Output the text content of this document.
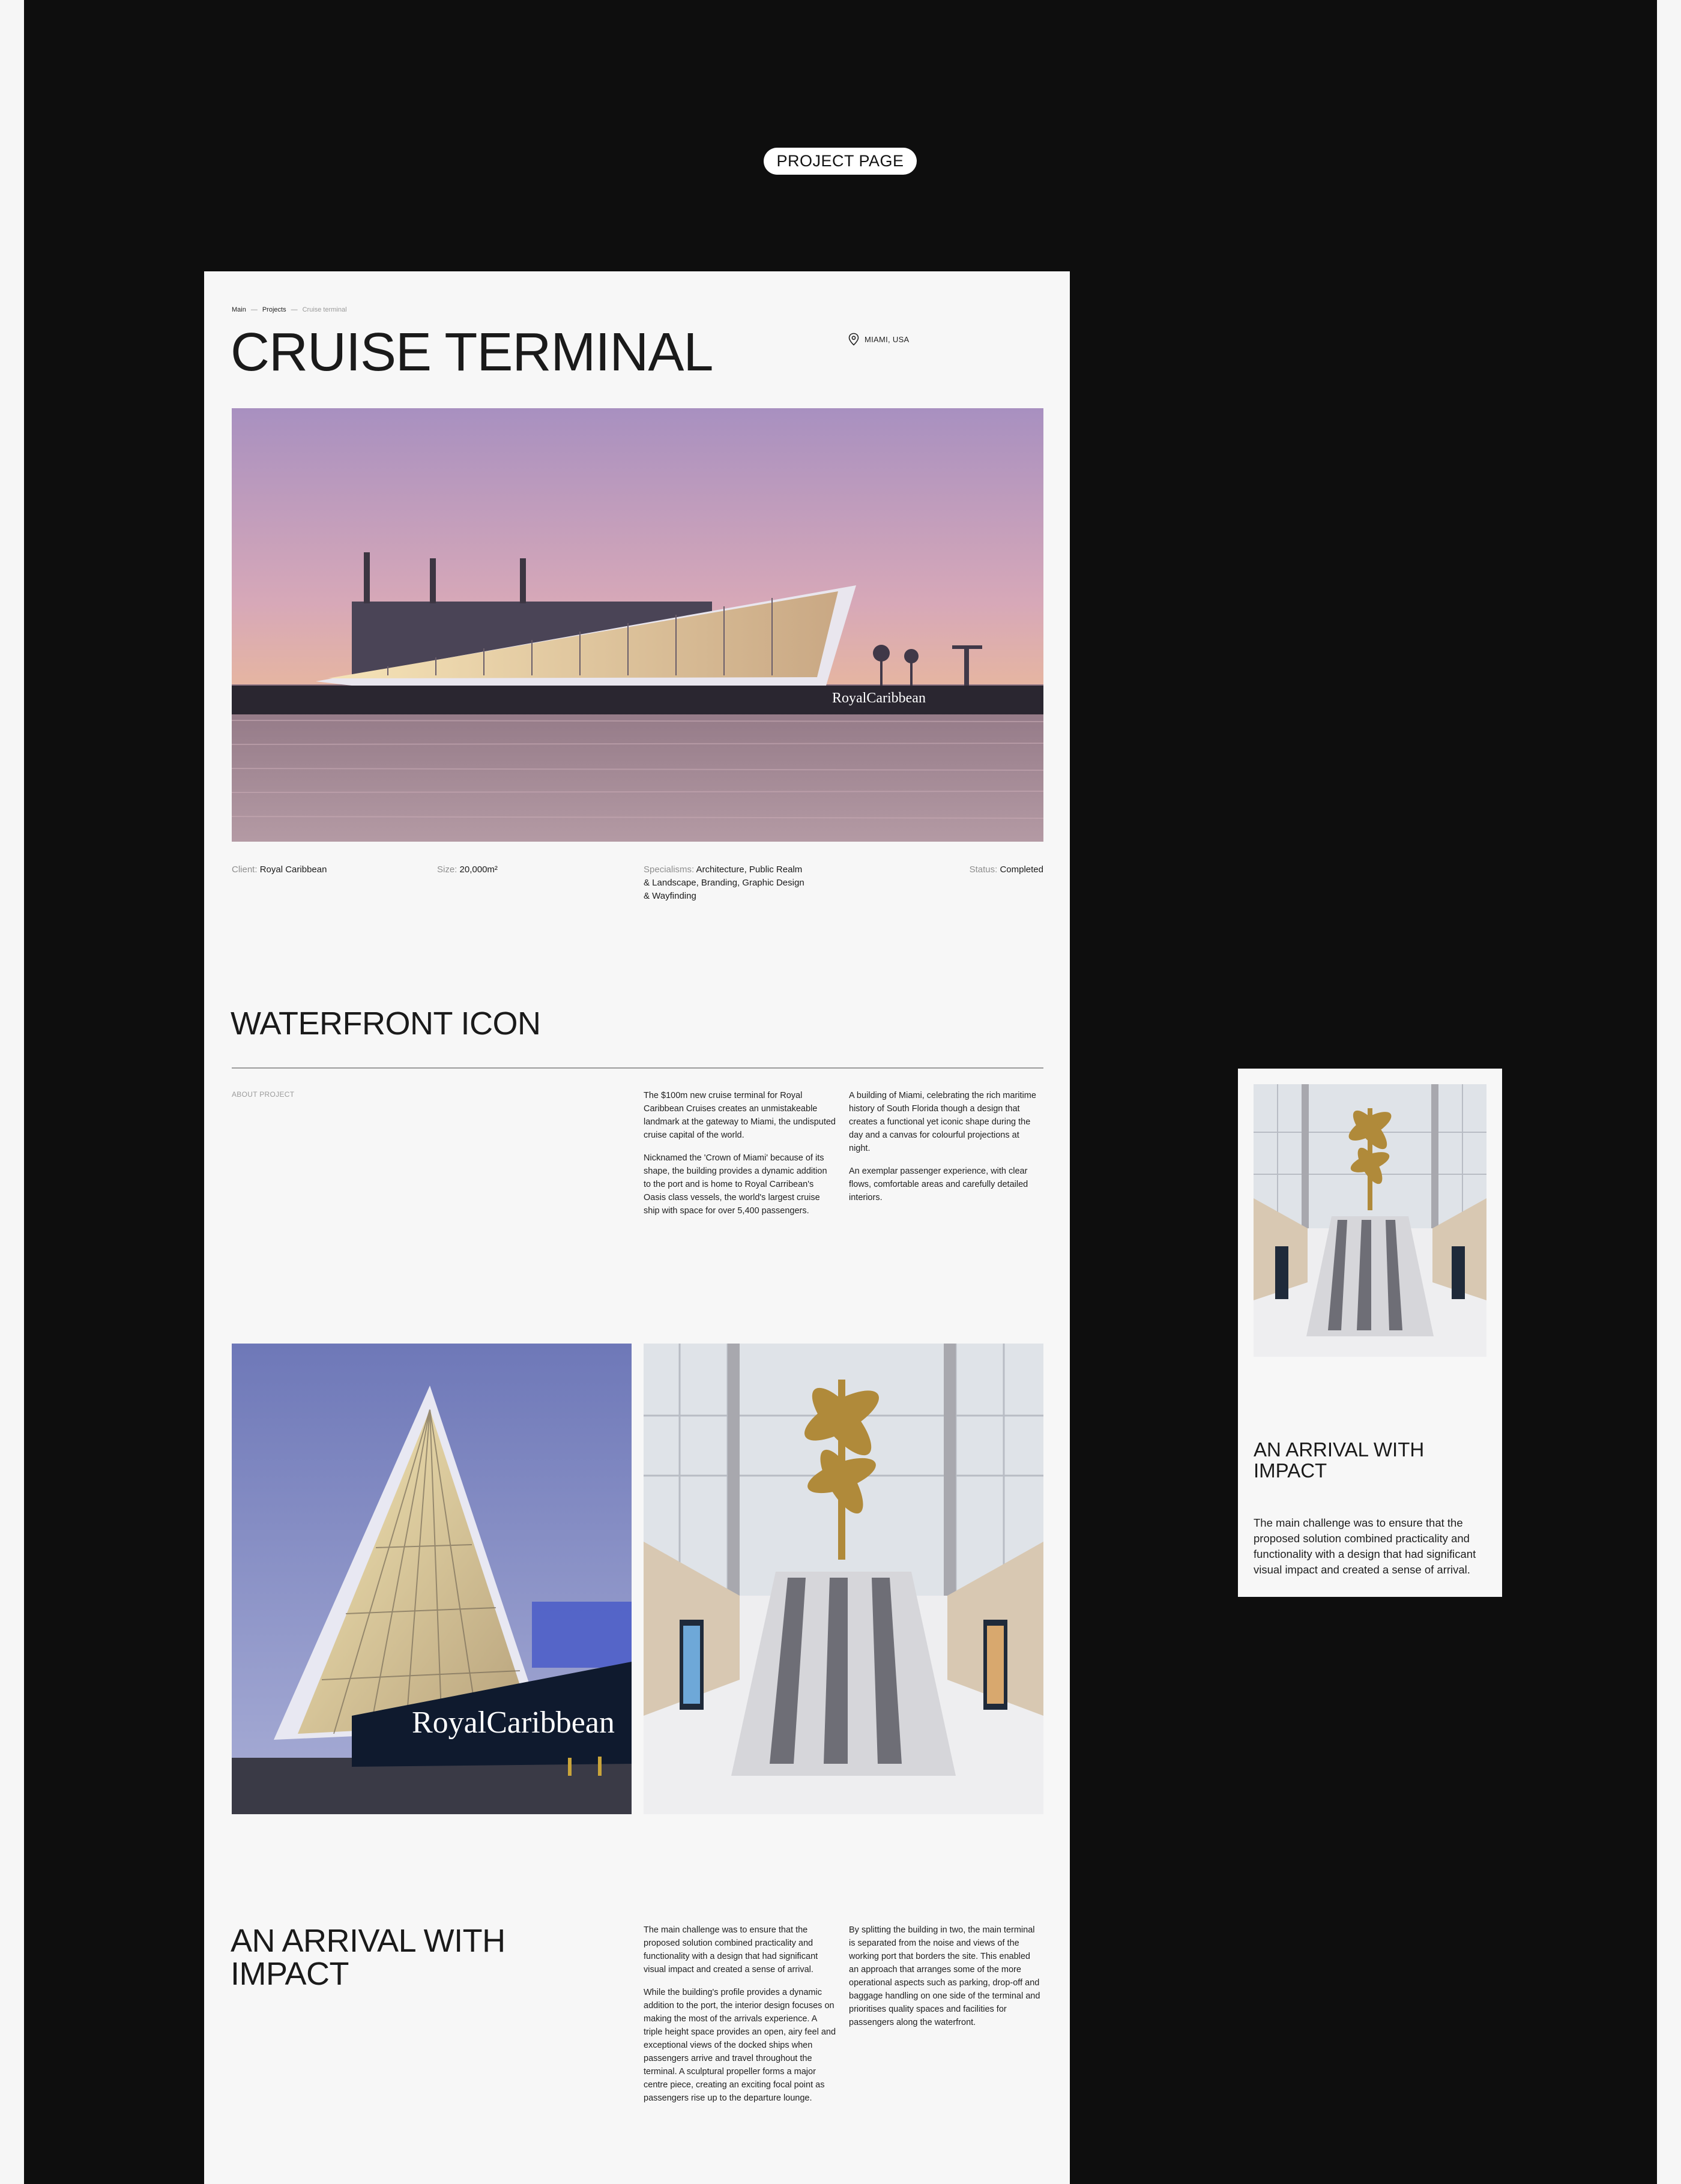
PROJECT PAGE
Main — Projects — Cruise terminal
CRUISE TERMINAL	MIAMI, USA
RoyalCaribbean
Client: Royal Caribbean	Size: 20,000m²	Specialisms: Architecture, Public Realm
& Landscape, Branding, Graphic Design
& Wayfinding
Status: Completed
WATERFRONT ICON
ABOUT PROJECT	The $100m new cruise terminal for Royal Caribbean Cruises creates an unmistakeable landmark at the gateway to Miami, the undisputed cruise capital of the world.

Nicknamed the 'Crown of Miami' because of its shape, the building provides a dynamic addition to the port and is home to Royal Carribean's Oasis class vessels, the world's largest cruise ship with space for over 5,400 passengers.

A building of Miami, celebrating the rich maritime history of South Florida though a design that creates a functional yet iconic shape during the day and a canvas for colourful projections at night.

An exemplar passenger experience, with clear flows, comfortable areas and carefully detailed interiors.

RoyalCaribbean
AN ARRIVAL WITH
IMPACT

The main challenge was to ensure that the proposed solution combined practicality and functionality with a design that had significant visual impact and created a sense of arrival.

While the building's profile provides a dynamic addition to the port, the interior design focuses on making the most of the arrivals experience. A triple height space provides an open, airy feel and exceptional views of the docked ships when passengers arrive and travel throughout the terminal. A sculptural propeller forms a major centre piece, creating an exciting focal point as passengers rise up to the departure lounge.

By splitting the building in two, the main terminal is separated from the noise and views of the working port that borders the site. This enabled an approach that arranges some of the more operational aspects such as parking, drop-off and baggage handling on one side of the terminal and prioritises quality spaces and facilities for passengers along the waterfront.

AN ARRIVAL WITH
IMPACT

The main challenge was to ensure that the proposed solution combined practicality and functionality with a design that had significant visual impact and created a sense of arrival.
